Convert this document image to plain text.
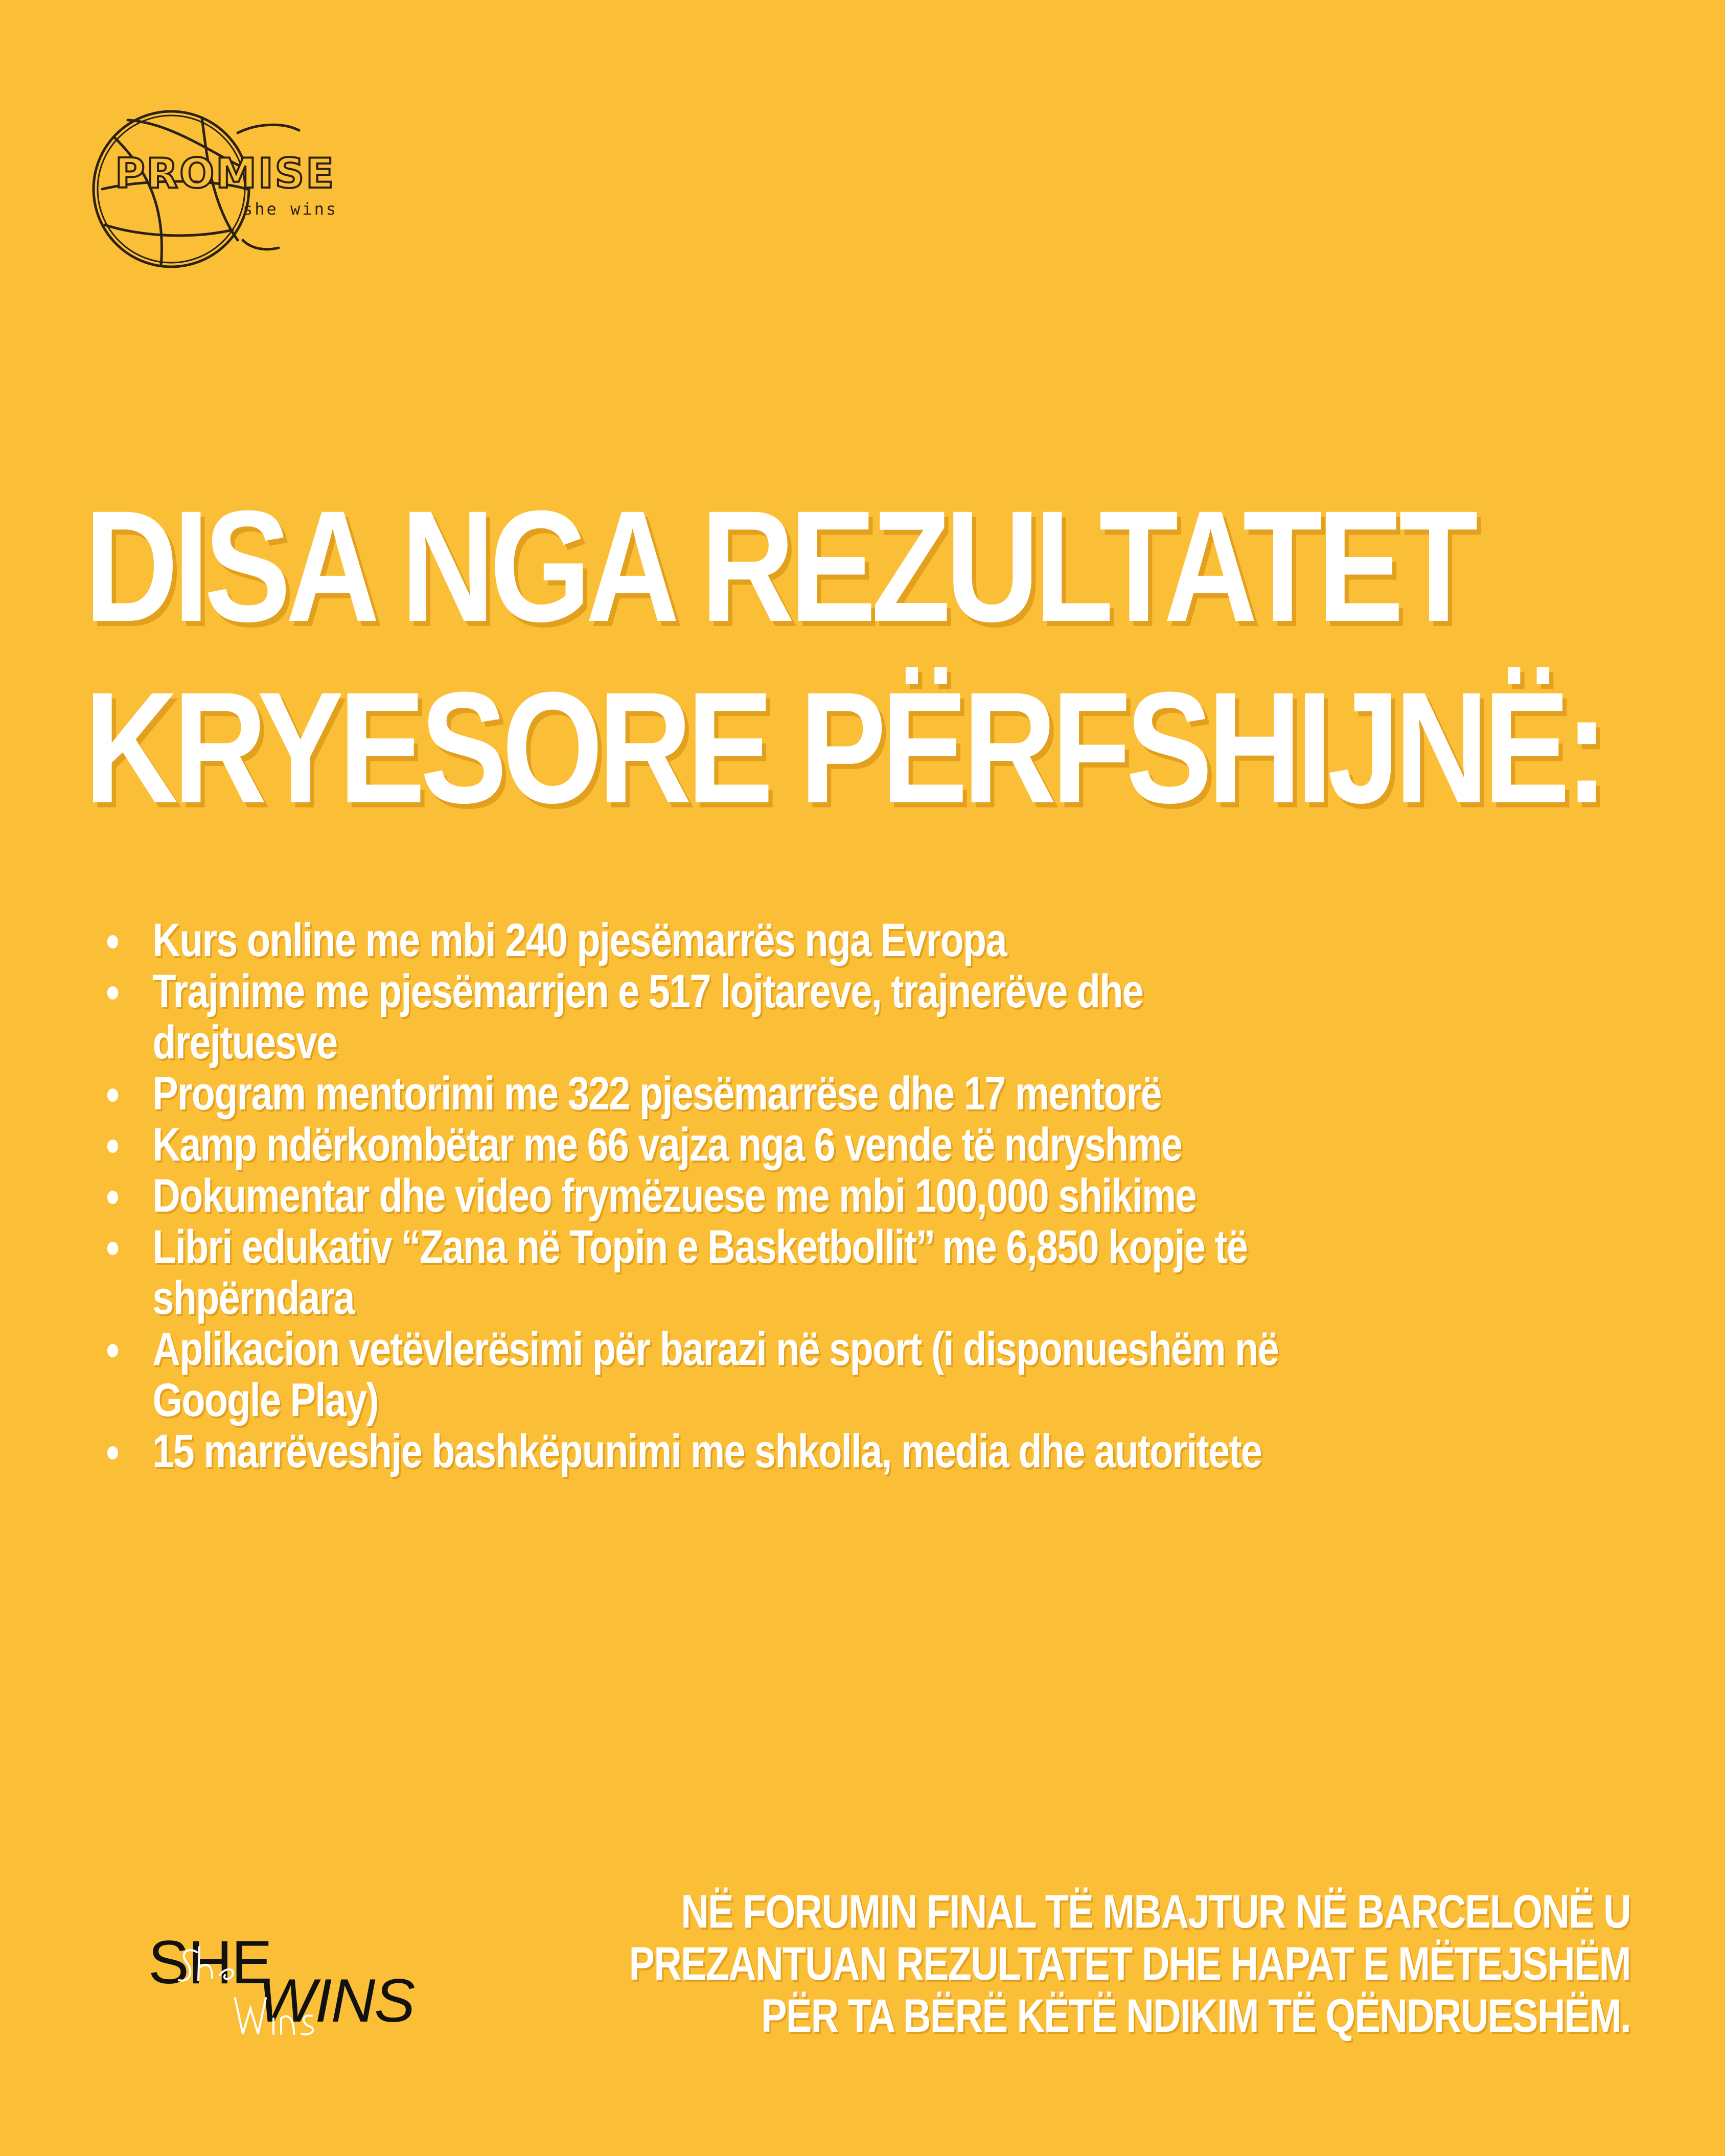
PROMISE
she wins
DISA NGA REZULTATET
KRYESORE PËRFSHIJNË:
Kurs online me mbi 240 pjesëmarrës nga Evropa
Trajnime me pjesëmarrjen e 517 lojtareve, trajnerëve dhe drejtuesve
Program mentorimi me 322 pjesëmarrëse dhe 17 mentorë
Kamp ndërkombëtar me 66 vajza nga 6 vende të ndryshme
Dokumentar dhe video frymëzuese me mbi 100,000 shikime
Libri edukativ ‘‘Zana në Topin e Basketbollit’’ me 6,850 kopje të shpërndara
Aplikacion vetëvlerësimi për barazi në sport (i disponueshëm në Google Play)
15 marrëveshje bashkëpunimi me shkolla, media dhe autoritete
SHE
WINS

NË FORUMIN FINAL TË MBAJTUR NË BARCELONË U
PREZANTUAN REZULTATET DHE HAPAT E MËTEJSHËM
PËR TA BËRË KËTË NDIKIM TË QËNDRUESHËM.
